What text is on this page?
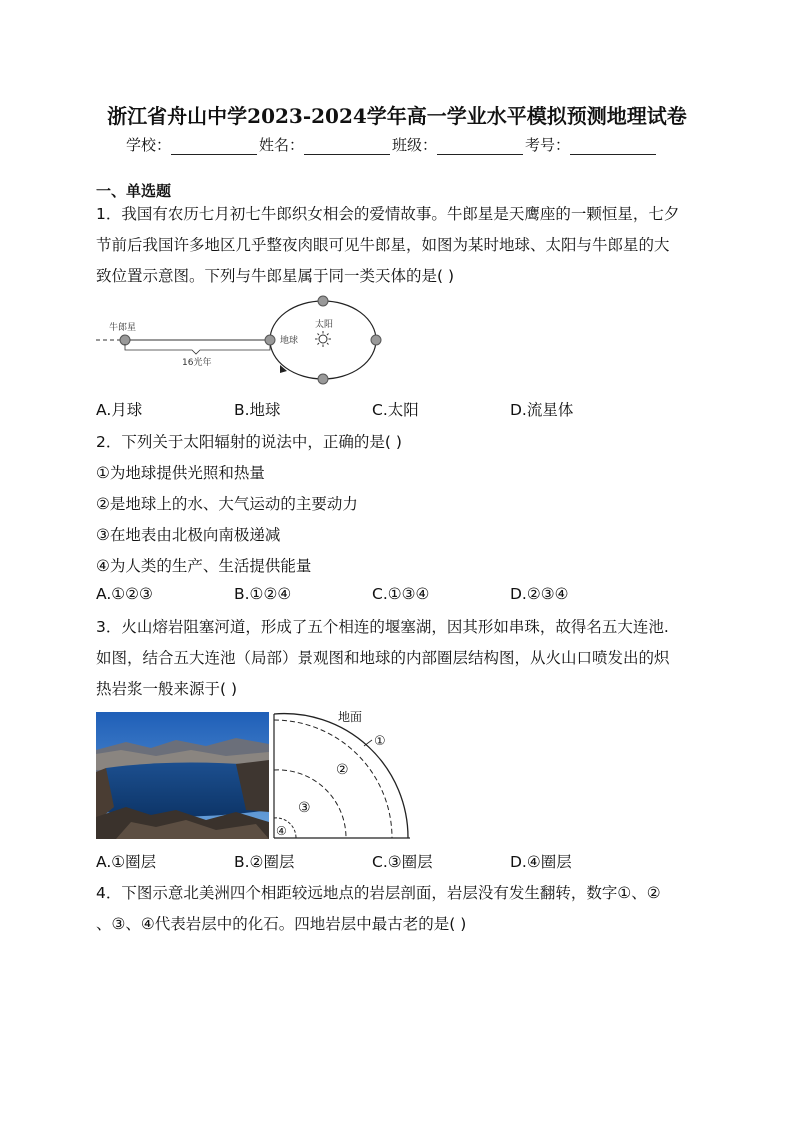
浙江省舟山中学2023-2024学年高一学业水平模拟预测地理试卷
学校：	姓名：	班级：	考号：
一、单选题
1．我国有农历七月初七牛郎织女相会的爱情故事。牛郎星是天鹰座的一颗恒星，七夕
节前后我国许多地区几乎整夜肉眼可见牛郎星，如图为某时地球、太阳与牛郎星的大
致位置示意图。下列与牛郎星属于同一类天体的是( )
牛郎星
16光年
地球
太阳
A.月球	B.地球	C.太阳	D.流星体
2．下列关于太阳辐射的说法中，正确的是( )
①为地球提供光照和热量
②是地球上的水、大气运动的主要动力
③在地表由北极向南极递减
④为人类的生产、生活提供能量
A.①②③	B.①②④	C.①③④	D.②③④
3．火山熔岩阻塞河道，形成了五个相连的堰塞湖，因其形如串珠，故得名五大连池.
如图，结合五大连池（局部）景观图和地球的内部圈层结构图，从火山口喷发出的炽
热岩浆一般来源于( )
地面
①
②
③
④
A.①圈层	B.②圈层	C.③圈层	D.④圈层
4．下图示意北美洲四个相距较远地点的岩层剖面，岩层没有发生翻转，数字①、②
、③、④代表岩层中的化石。四地岩层中最古老的是( )
